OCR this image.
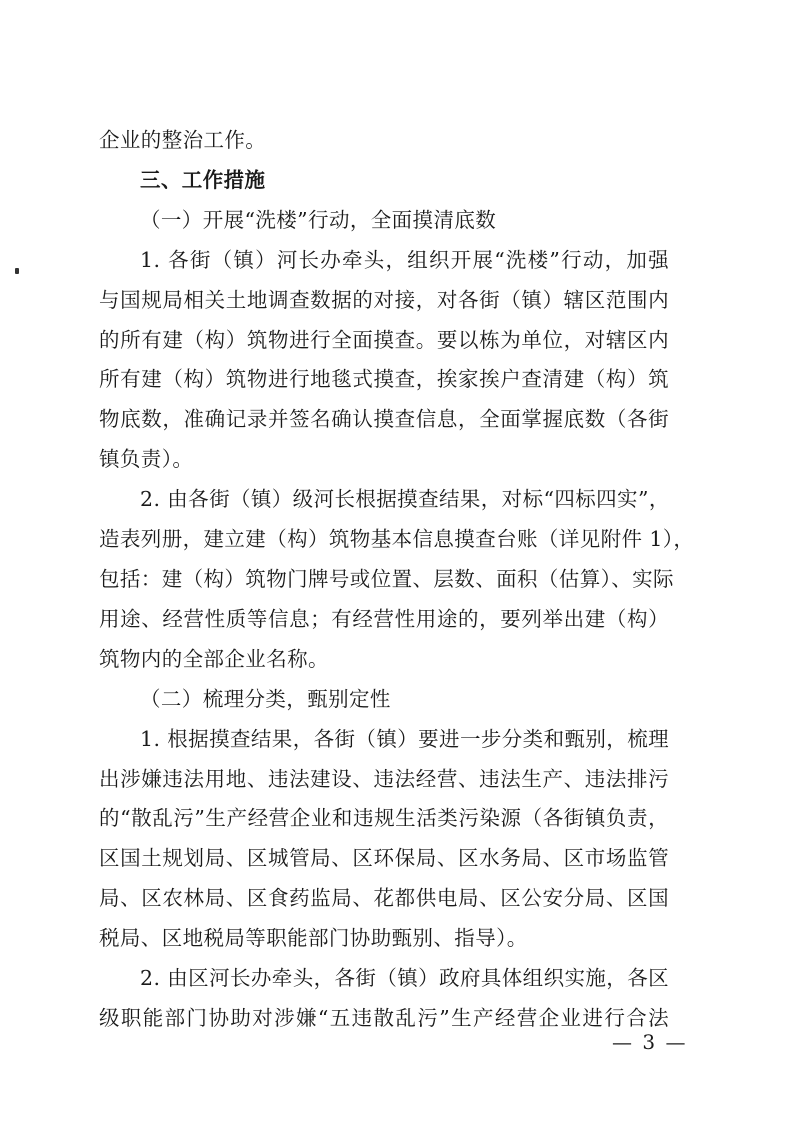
企业的整治工作。
三、工作措施
（一）开展“洗楼”行动，全面摸清底数
1. 各街（镇）河长办牵头，组织开展“洗楼”行动，加强
与国规局相关土地调查数据的对接，对各街（镇）辖区范围内
的所有建（构）筑物进行全面摸查。要以栋为单位，对辖区内
所有建（构）筑物进行地毯式摸查，挨家挨户查清建（构）筑
物底数，准确记录并签名确认摸查信息，全面掌握底数（各街
镇负责）。
2. 由各街（镇）级河长根据摸查结果，对标“四标四实”，
造表列册，建立建（构）筑物基本信息摸查台账（详见附件 1），
包括：建（构）筑物门牌号或位置、层数、面积（估算）、实际
用途、经营性质等信息；有经营性用途的，要列举出建（构）
筑物内的全部企业名称。
（二）梳理分类，甄别定性
1. 根据摸查结果，各街（镇）要进一步分类和甄别，梳理
出涉嫌违法用地、违法建设、违法经营、违法生产、违法排污
的“散乱污”生产经营企业和违规生活类污染源（各街镇负责，
区国土规划局、区城管局、区环保局、区水务局、区市场监管
局、区农林局、区食药监局、花都供电局、区公安分局、区国
税局、区地税局等职能部门协助甄别、指导）。
2. 由区河长办牵头，各街（镇）政府具体组织实施，各区
级职能部门协助对涉嫌“五违散乱污”生产经营企业进行合法
— 3 —
